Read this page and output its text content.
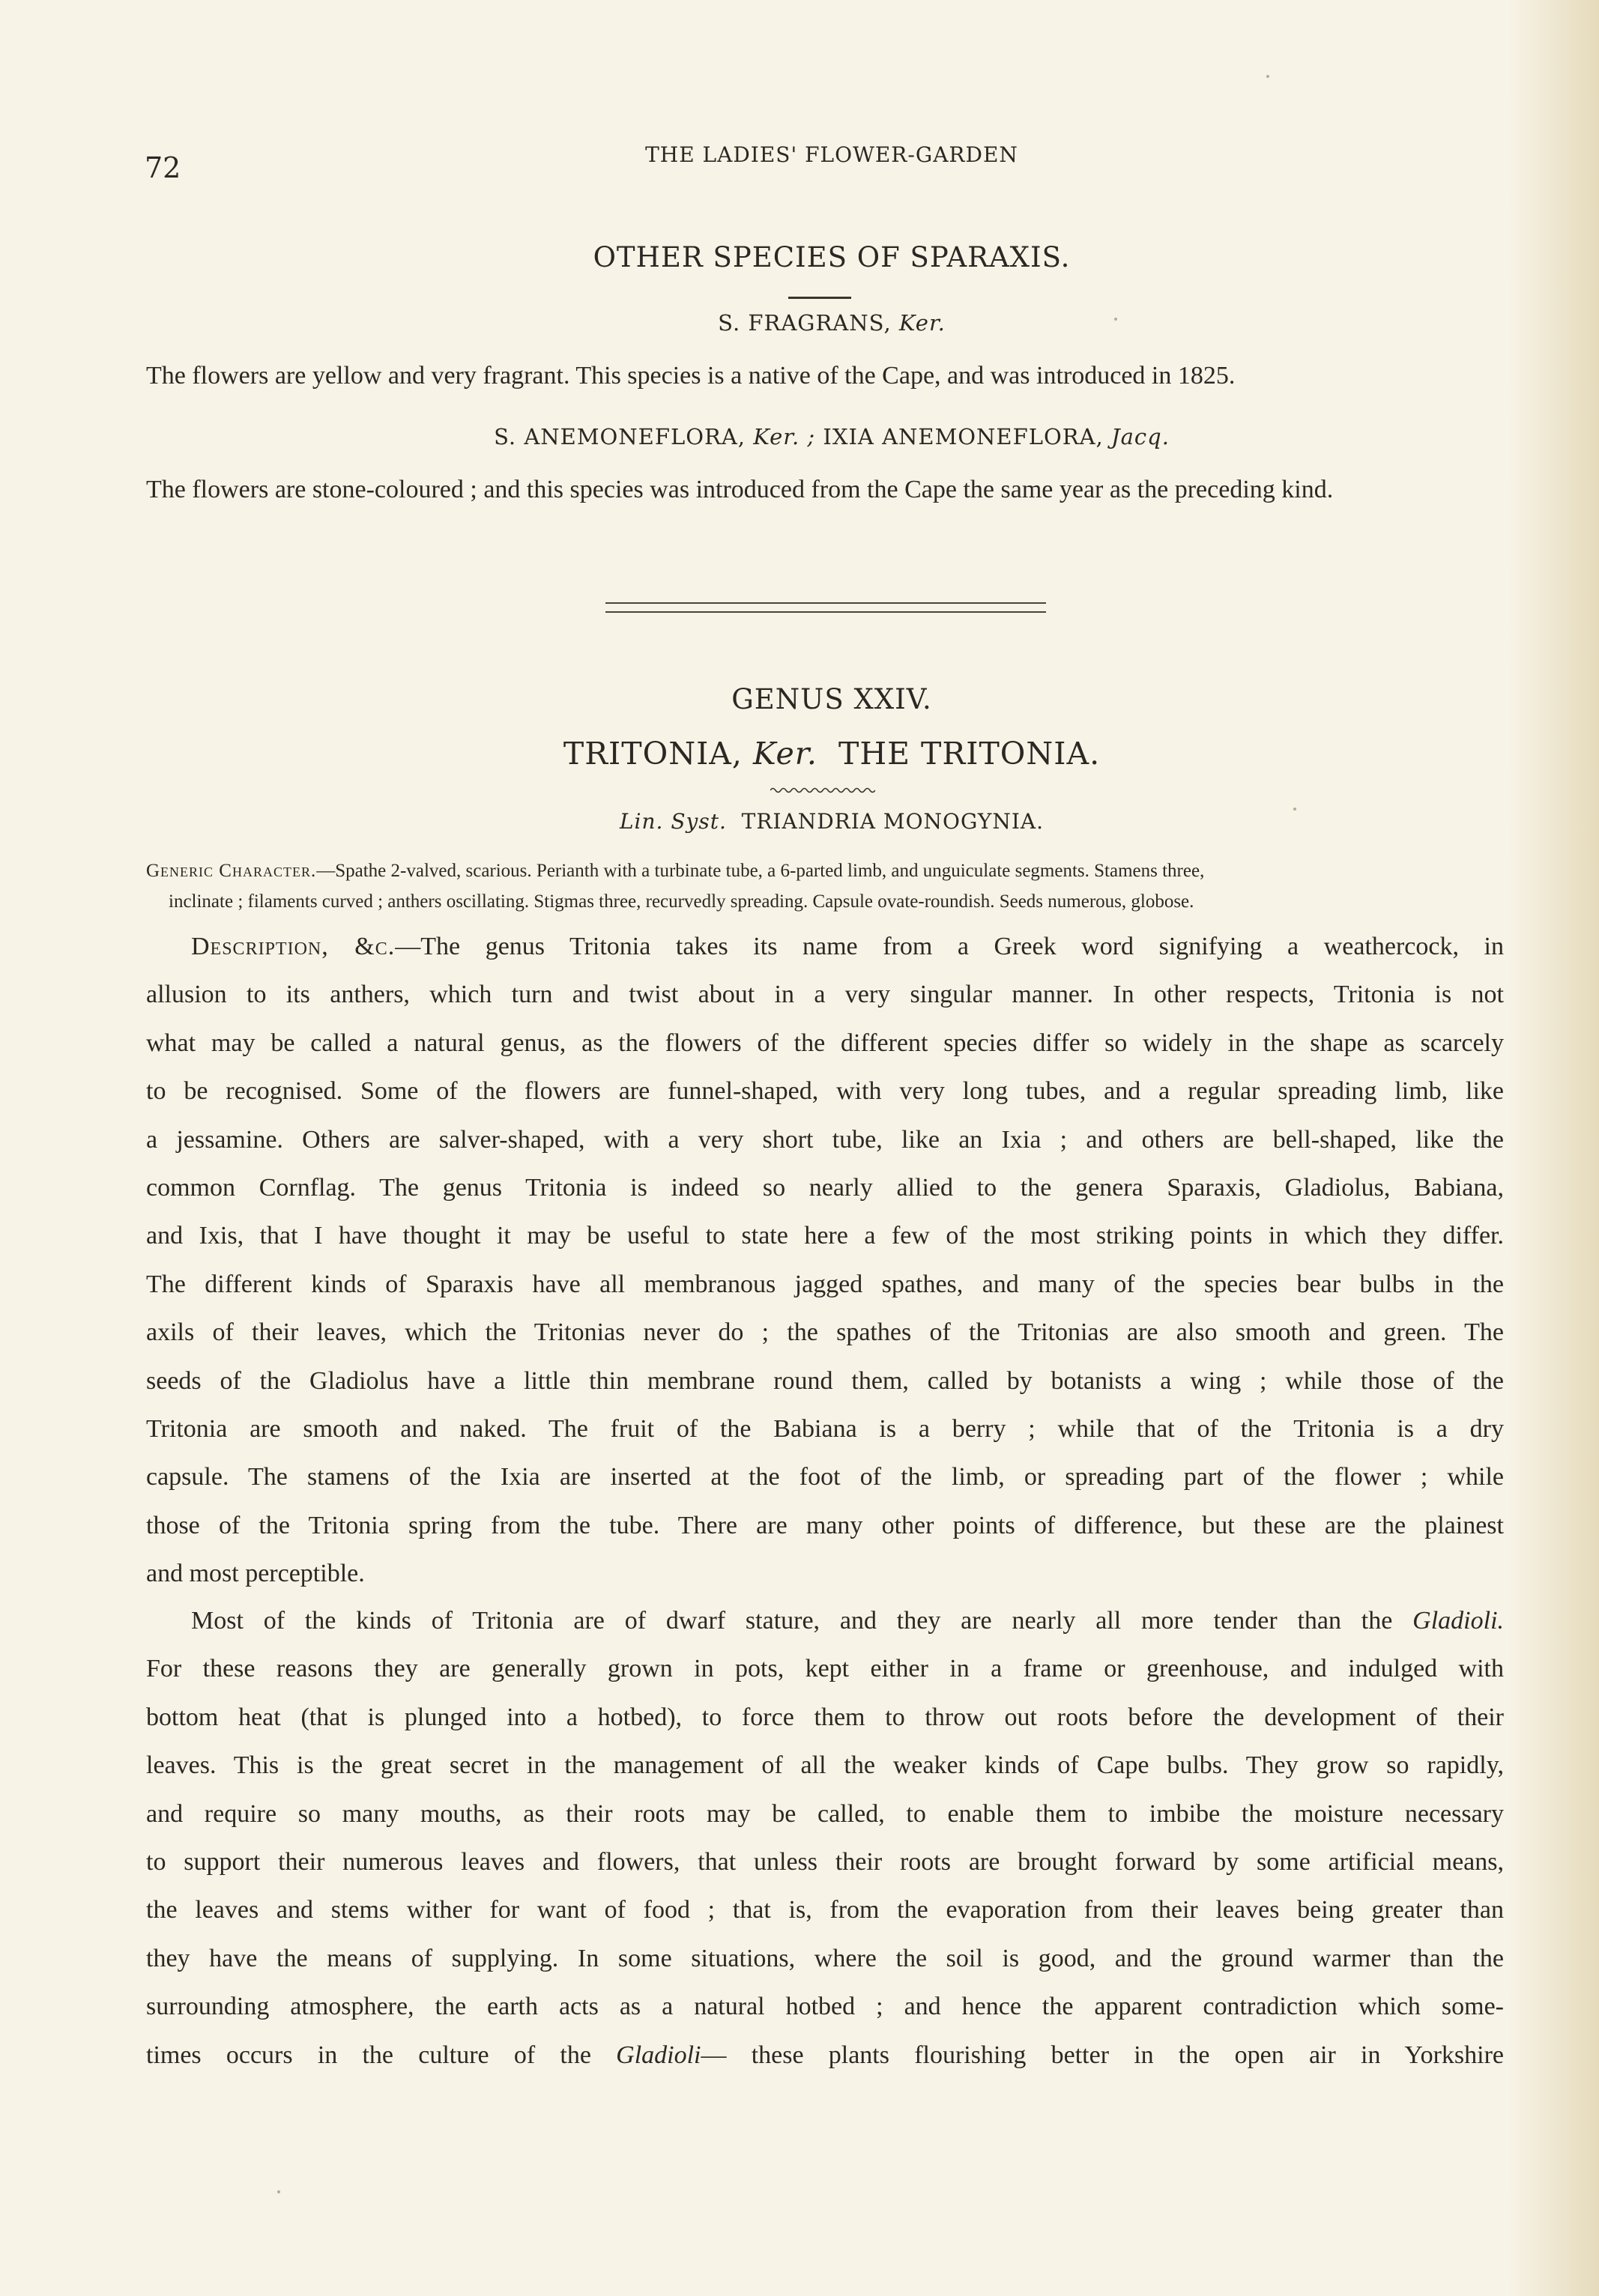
72	THE LADIES' FLOWER-GARDEN
OTHER SPECIES OF SPARAXIS.
S. FRAGRANS, Ker.

The flowers are yellow and very fragrant. This species is a native of the Cape, and was introduced in 1825.

S. ANEMONEFLORA, Ker. ; IXIA ANEMONEFLORA, Jacq.

The flowers are stone-coloured ; and this species was introduced from the Cape the same year as the preceding kind.

GENUS XXIV.
TRITONIA, Ker. THE TRITONIA.
Lin. Syst. TRIANDRIA MONOGYNIA.

Generic Character.—Spathe 2-valved, scarious. Perianth with a turbinate tube, a 6-parted limb, and unguiculate segments. Stamens three,
inclinate ; filaments curved ; anthers oscillating. Stigmas three, recurvedly spreading. Capsule ovate-roundish. Seeds numerous, globose.

Description, &c.—The genus Tritonia takes its name from a Greek word signifying a weathercock, in
allusion to its anthers, which turn and twist about in a very singular manner. In other respects, Tritonia is not
what may be called a natural genus, as the flowers of the different species differ so widely in the shape as scarcely
to be recognised. Some of the flowers are funnel-shaped, with very long tubes, and a regular spreading limb, like
a jessamine. Others are salver-shaped, with a very short tube, like an Ixia ; and others are bell-shaped, like the
common Cornflag. The genus Tritonia is indeed so nearly allied to the genera Sparaxis, Gladiolus, Babiana,
and Ixis, that I have thought it may be useful to state here a few of the most striking points in which they differ.
The different kinds of Sparaxis have all membranous jagged spathes, and many of the species bear bulbs in the
axils of their leaves, which the Tritonias never do ; the spathes of the Tritonias are also smooth and green. The
seeds of the Gladiolus have a little thin membrane round them, called by botanists a wing ; while those of the
Tritonia are smooth and naked. The fruit of the Babiana is a berry ; while that of the Tritonia is a dry
capsule. The stamens of the Ixia are inserted at the foot of the limb, or spreading part of the flower ; while
those of the Tritonia spring from the tube. There are many other points of difference, but these are the plainest
and most perceptible.
Most of the kinds of Tritonia are of dwarf stature, and they are nearly all more tender than the Gladioli.
For these reasons they are generally grown in pots, kept either in a frame or greenhouse, and indulged with
bottom heat (that is plunged into a hotbed), to force them to throw out roots before the development of their
leaves. This is the great secret in the management of all the weaker kinds of Cape bulbs. They grow so rapidly,
and require so many mouths, as their roots may be called, to enable them to imbibe the moisture necessary
to support their numerous leaves and flowers, that unless their roots are brought forward by some artificial means,
the leaves and stems wither for want of food ; that is, from the evaporation from their leaves being greater than
they have the means of supplying. In some situations, where the soil is good, and the ground warmer than the
surrounding atmosphere, the earth acts as a natural hotbed ; and hence the apparent contradiction which some-
times occurs in the culture of the Gladioli— these plants flourishing better in the open air in Yorkshire
